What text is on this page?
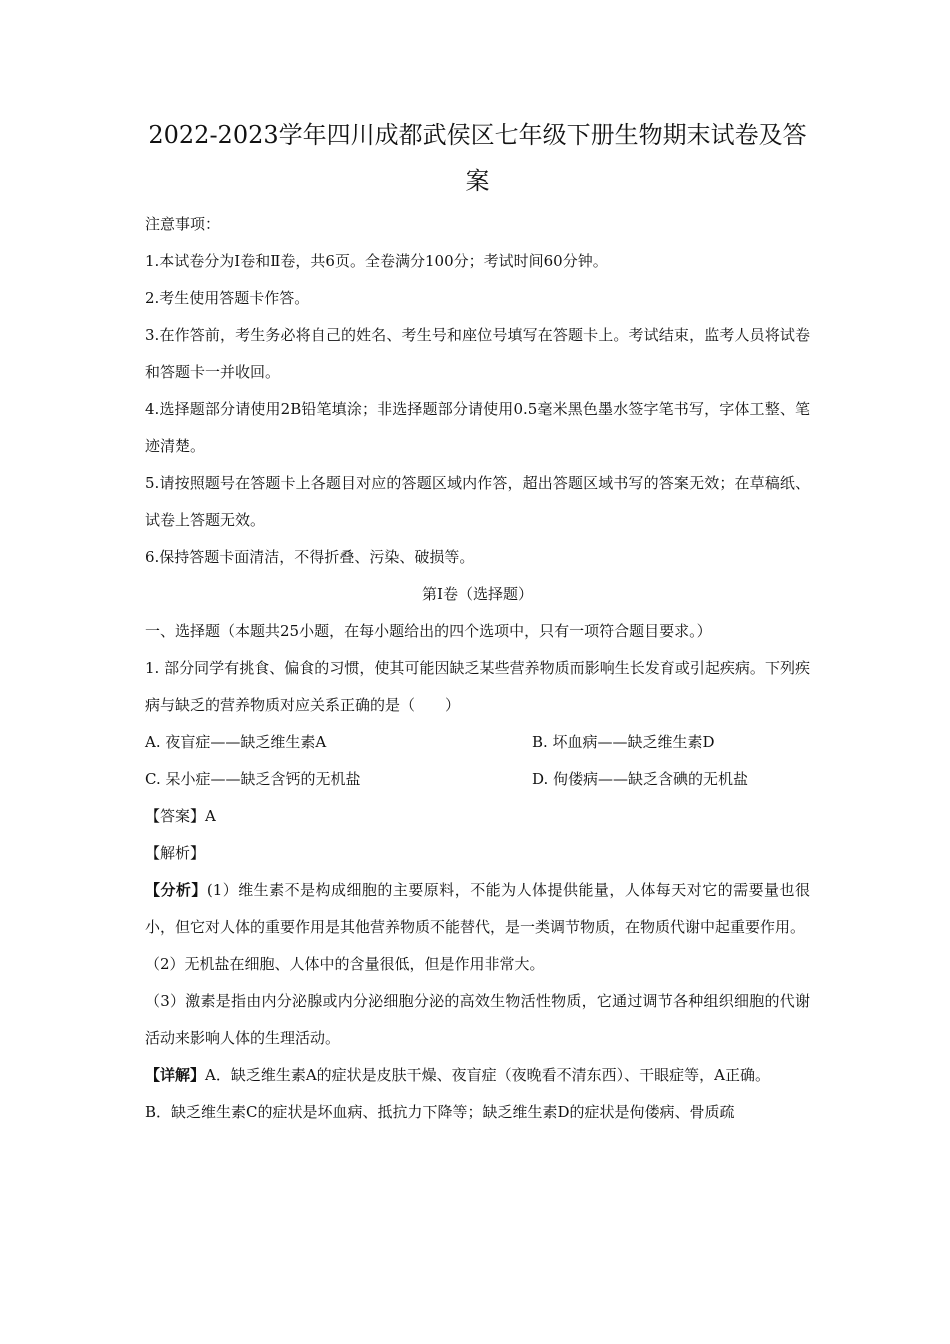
2022-2023学年四川成都武侯区七年级下册生物期末试卷及答案

注意事项：

1.本试卷分为Ⅰ卷和Ⅱ卷，共6页。全卷满分100分；考试时间60分钟。

2.考生使用答题卡作答。

3.在作答前，考生务必将自己的姓名、考生号和座位号填写在答题卡上。考试结束，监考人员将试卷和答题卡一并收回。

4.选择题部分请使用2B铅笔填涂；非选择题部分请使用0.5毫米黑色墨水签字笔书写，字体工整、笔迹清楚。

5.请按照题号在答题卡上各题目对应的答题区域内作答，超出答题区域书写的答案无效；在草稿纸、试卷上答题无效。

6.保持答题卡面清洁，不得折叠、污染、破损等。

第Ⅰ卷（选择题）

一、选择题（本题共25小题，在每小题给出的四个选项中，只有一项符合题目要求。）

1. 部分同学有挑食、偏食的习惯，使其可能因缺乏某些营养物质而影响生长发育或引起疾病。下列疾病与缺乏的营养物质对应关系正确的是（　　）

A. 夜盲症——缺乏维生素A	B. 坏血病——缺乏维生素D
C. 呆小症——缺乏含钙的无机盐	D. 佝偻病——缺乏含碘的无机盐

【答案】A

【解析】

【分析】(1）维生素不是构成细胞的主要原料，不能为人体提供能量，人体每天对它的需要量也很小，但它对人体的重要作用是其他营养物质不能替代，是一类调节物质，在物质代谢中起重要作用。

（2）无机盐在细胞、人体中的含量很低，但是作用非常大。

（3）激素是指由内分泌腺或内分泌细胞分泌的高效生物活性物质，它通过调节各种组织细胞的代谢活动来影响人体的生理活动。

【详解】A．缺乏维生素A的症状是皮肤干燥、夜盲症（夜晚看不清东西）、干眼症等，A正确。

B．缺乏维生素C的症状是坏血病、抵抗力下降等；缺乏维生素D的症状是佝偻病、骨质疏
